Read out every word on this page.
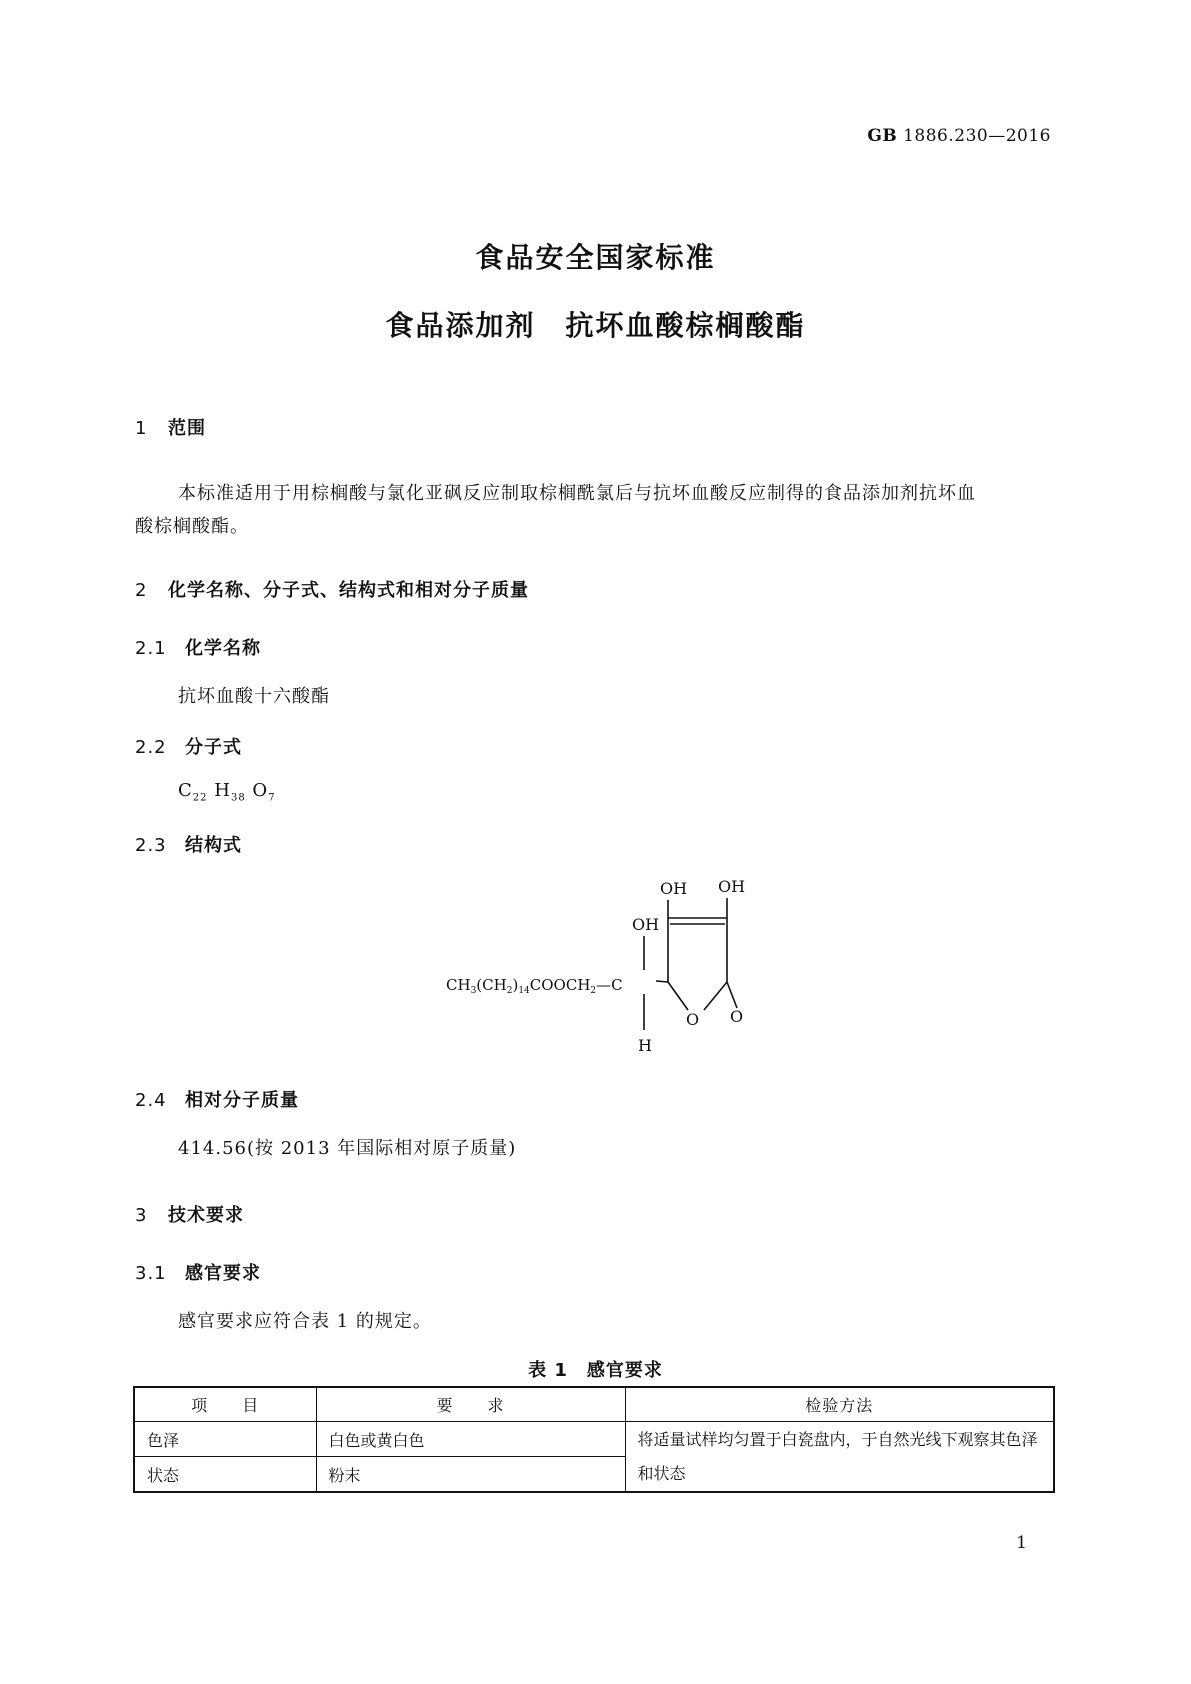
GB 1886.230—2016
食品安全国家标准
食品添加剂　抗坏血酸棕榈酸酯
1 范围
本标准适用于用棕榈酸与氯化亚砜反应制取棕榈酰氯后与抗坏血酸反应制得的食品添加剂抗坏血
酸棕榈酸酯。
2 化学名称、分子式、结构式和相对分子质量
2.1 化学名称
抗坏血酸十六酸酯
2.2 分子式
$C_{22}$ $H_{38}$ $O_7$
2.3 结构式
OH OH
OH
$CH_3(CH_2)_{14}COOCH_2—C$
H
O O
2.4 相对分子质量
414.56(按 2013 年国际相对原子质量)
3 技术要求
3.1 感官要求
感官要求应符合表 1 的规定。
表 1　感官要求
项　　目	要　　求	检验方法
色泽	白色或黄白色	将适量试样均匀置于白瓷盘内，于自然光线下观察其色泽和状态
状态	粉末	
1
